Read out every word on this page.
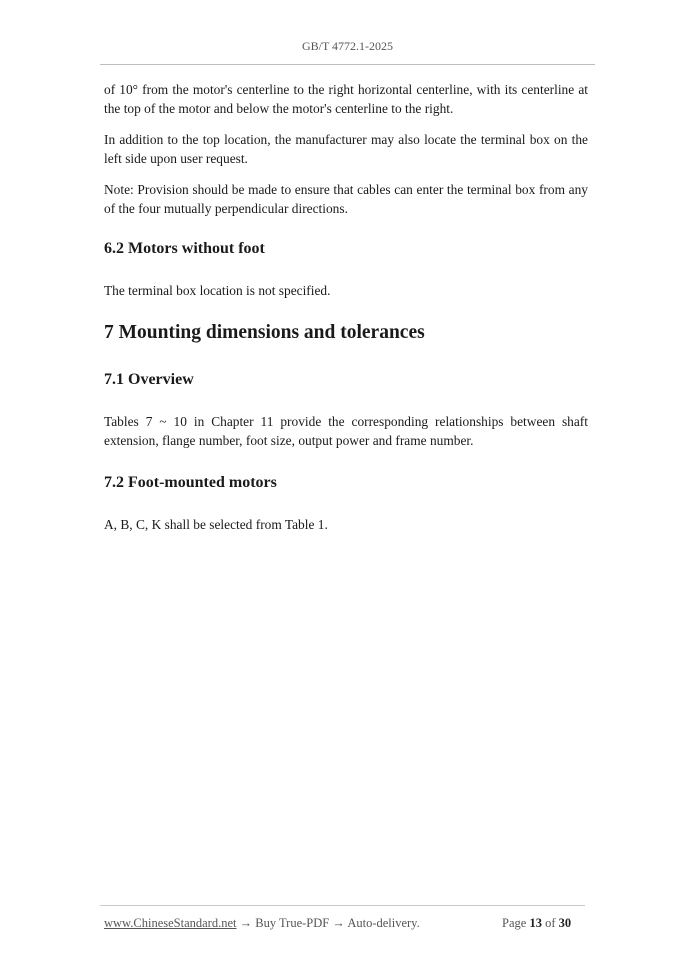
GB/T 4772.1-2025

of 10° from the motor's centerline to the right horizontal centerline, with its centerline at the top of the motor and below the motor's centerline to the right.

In addition to the top location, the manufacturer may also locate the terminal box on the left side upon user request.

Note: Provision should be made to ensure that cables can enter the terminal box from any of the four mutually perpendicular directions.

6.2 Motors without foot

The terminal box location is not specified.

7 Mounting dimensions and tolerances
7.1 Overview

Tables 7 ~ 10 in Chapter 11 provide the corresponding relationships between shaft extension, flange number, foot size, output power and frame number.

7.2 Foot-mounted motors

A, B, C, K shall be selected from Table 1.

www.ChineseStandard.net → Buy True-PDF → Auto-delivery.	Page 13 of 30
